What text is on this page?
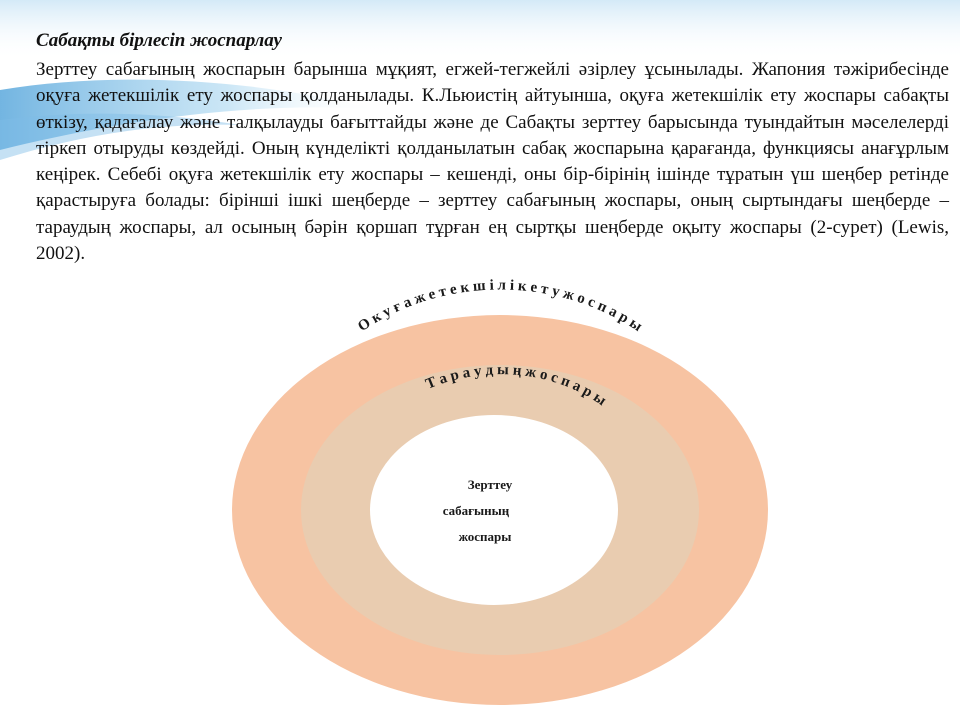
Сабақты бірлесіп жоспарлау

Зерттеу сабағының жоспарын барынша мұқият, егжей-тегжейлі әзірлеу ұсынылады. Жапония тәжірибесінде оқуға жетекшілік ету жоспары қолданылады. К.Льюистің айтуынша, оқуға жетекшілік ету жоспары сабақты өткізу, қадағалау және талқылауды бағыттайды және де Сабақты зерттеу барысында туындайтын мәселелерді тіркеп отыруды көздейді. Оның күнделікті қолданылатын сабақ жоспарына қарағанда, функциясы анағұрлым кеңірек. Себебі оқуға жетекшілік ету жоспары – кешенді, оны бір-бірінің ішінде тұратын үш шеңбер ретінде қарастыруға болады: бірінші ішкі шеңберде – зерттеу сабағының жоспары, оның сыртындағы шеңберде – тараудың жоспары, ал осының бәрін қоршап тұрған ең сыртқы шеңберде оқыту жоспары (2-сурет) (Lewis, 2002).

О к у ғ а ж е т е к ш і л і к е т у ж о с п а р ы
Т а р а у д ы ң ж о с п а р ы
Зерттеу
сабағының
жоспары
